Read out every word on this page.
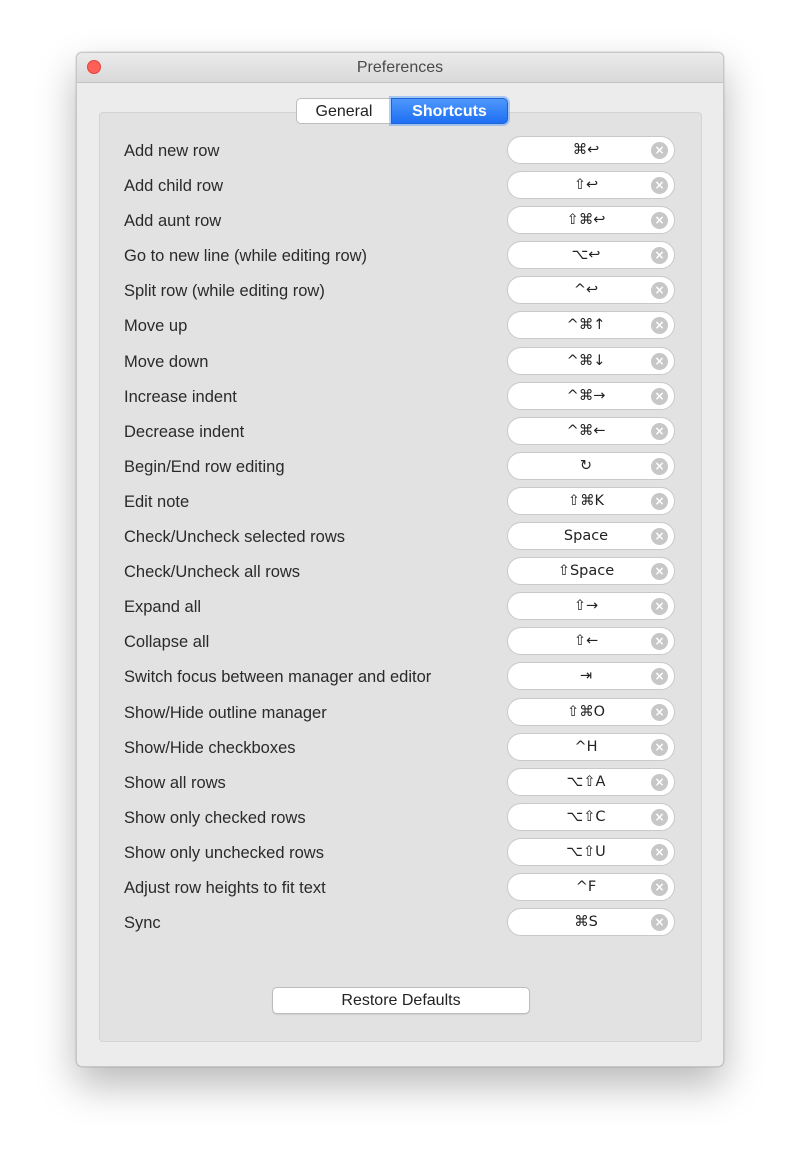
Preferences
General	Shortcuts
Add new row	⌘↩	×
Add child row	⇧↩	×
Add aunt row	⇧⌘↩	×
Go to new line (while editing row)	⌥↩	×
Split row (while editing row)	^↩	×
Move up	^⌘↑	×
Move down	^⌘↓	×
Increase indent	^⌘→	×
Decrease indent	^⌘←	×
Begin/End row editing	↻	×
Edit note	⇧⌘K	×
Check/Uncheck selected rows	Space	×
Check/Uncheck all rows	⇧Space	×
Expand all	⇧→	×
Collapse all	⇧←	×
Switch focus between manager and editor	⇥	×
Show/Hide outline manager	⇧⌘O	×
Show/Hide checkboxes	^H	×
Show all rows	⌥⇧A	×
Show only checked rows	⌥⇧C	×
Show only unchecked rows	⌥⇧U	×
Adjust row heights to fit text	^F	×
Sync	⌘S	×
Restore Defaults
